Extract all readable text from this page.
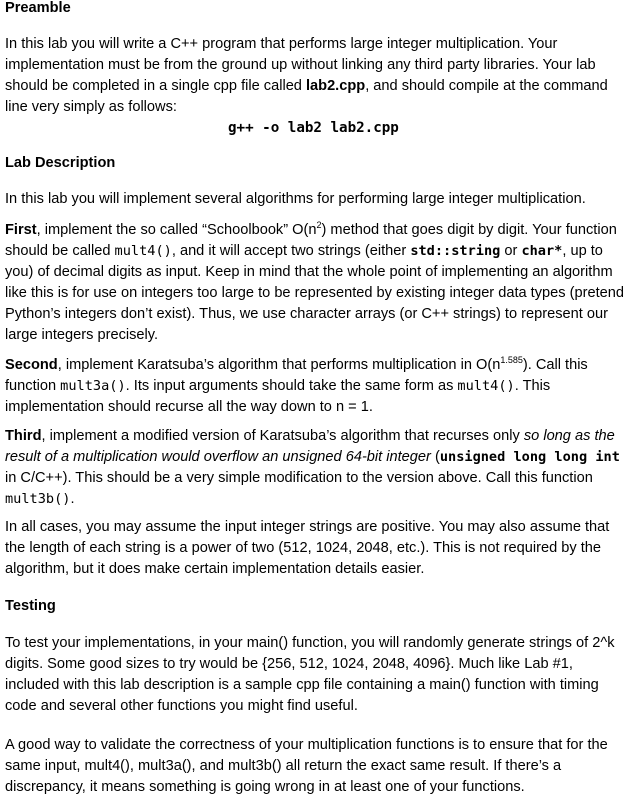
Preamble

In this lab you will write a C++ program that performs large integer multiplication. Your implementation must be from the ground up without linking any third party libraries. Your lab should be completed in a single cpp file called lab2.cpp, and should compile at the command line very simply as follows:

g++ -o lab2 lab2.cpp
Lab Description

In this lab you will implement several algorithms for performing large integer multiplication.

First, implement the so called “Schoolbook” $O(n^2)$ method that goes digit by digit. Your function should be called mult4(), and it will accept two strings (either std::string or char*, up to you) of decimal digits as input. Keep in mind that the whole point of implementing an algorithm like this is for use on integers too large to be represented by existing integer data types (pretend Python’s integers don’t exist). Thus, we use character arrays (or C++ strings) to represent our large integers precisely.

Second, implement Karatsuba’s algorithm that performs multiplication in $O(n^{1.585})$. Call this function mult3a(). Its input arguments should take the same form as mult4(). This implementation should recurse all the way down to n = 1.

Third, implement a modified version of Karatsuba’s algorithm that recurses only so long as the result of a multiplication would overflow an unsigned 64-bit integer (unsigned long long int in C/C++). This should be a very simple modification to the version above. Call this function mult3b().

In all cases, you may assume the input integer strings are positive. You may also assume that the length of each string is a power of two (512, 1024, 2048, etc.). This is not required by the algorithm, but it does make certain implementation details easier.

Testing

To test your implementations, in your main() function, you will randomly generate strings of 2^k digits. Some good sizes to try would be {256, 512, 1024, 2048, 4096}. Much like Lab #1, included with this lab description is a sample cpp file containing a main() function with timing code and several other functions you might find useful.

A good way to validate the correctness of your multiplication functions is to ensure that for the same input, mult4(), mult3a(), and mult3b() all return the exact same result. If there’s a discrepancy, it means something is going wrong in at least one of your functions.
